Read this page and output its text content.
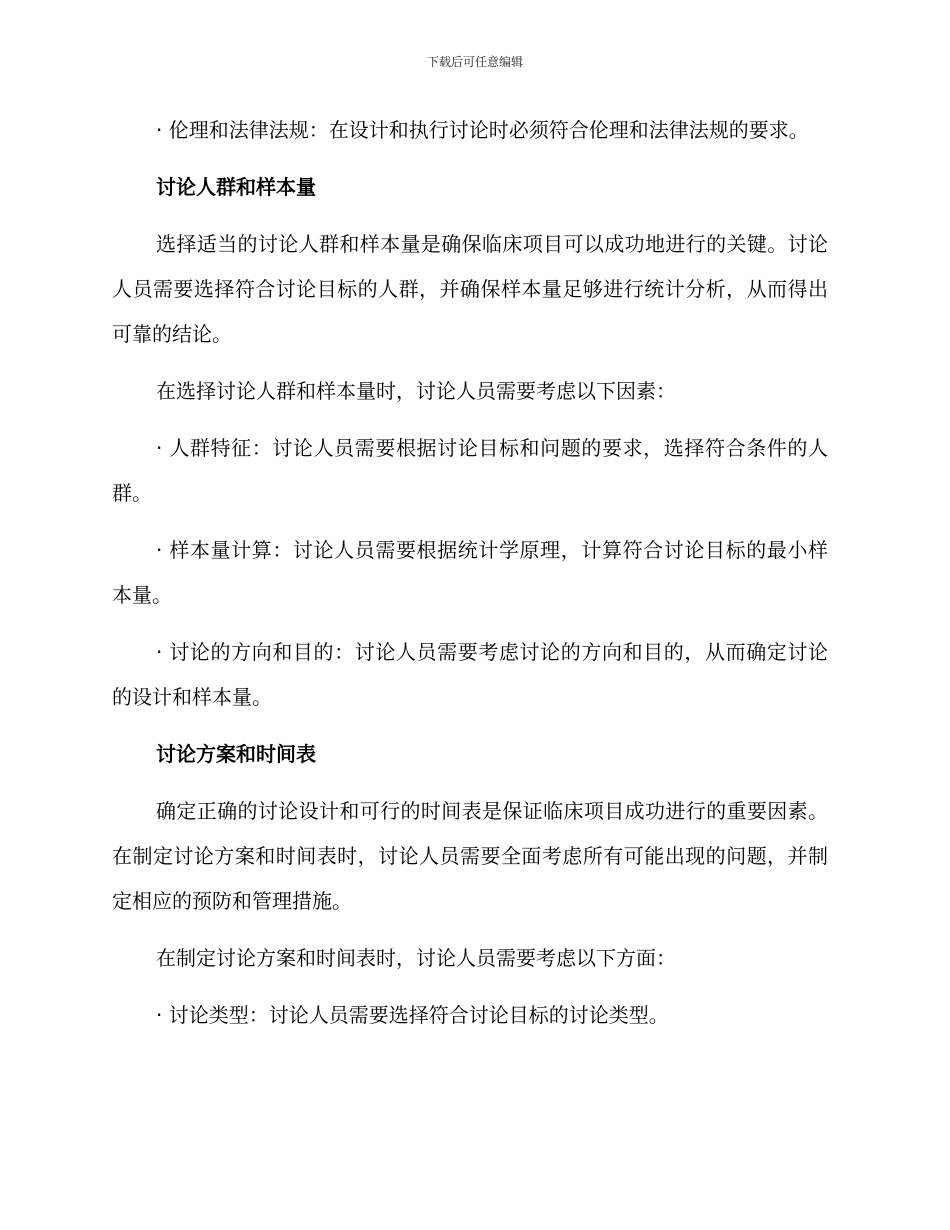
下载后可任意编辑

· 伦理和法律法规：在设计和执行讨论时必须符合伦理和法律法规的要求。

讨论人群和样本量

选择适当的讨论人群和样本量是确保临床项目可以成功地进行的关键。讨论人员需要选择符合讨论目标的人群，并确保样本量足够进行统计分析，从而得出可靠的结论。

在选择讨论人群和样本量时，讨论人员需要考虑以下因素：

· 人群特征：讨论人员需要根据讨论目标和问题的要求，选择符合条件的人群。

· 样本量计算：讨论人员需要根据统计学原理，计算符合讨论目标的最小样本量。

· 讨论的方向和目的：讨论人员需要考虑讨论的方向和目的，从而确定讨论的设计和样本量。

讨论方案和时间表

确定正确的讨论设计和可行的时间表是保证临床项目成功进行的重要因素。在制定讨论方案和时间表时，讨论人员需要全面考虑所有可能出现的问题，并制定相应的预防和管理措施。

在制定讨论方案和时间表时，讨论人员需要考虑以下方面：

· 讨论类型：讨论人员需要选择符合讨论目标的讨论类型。
